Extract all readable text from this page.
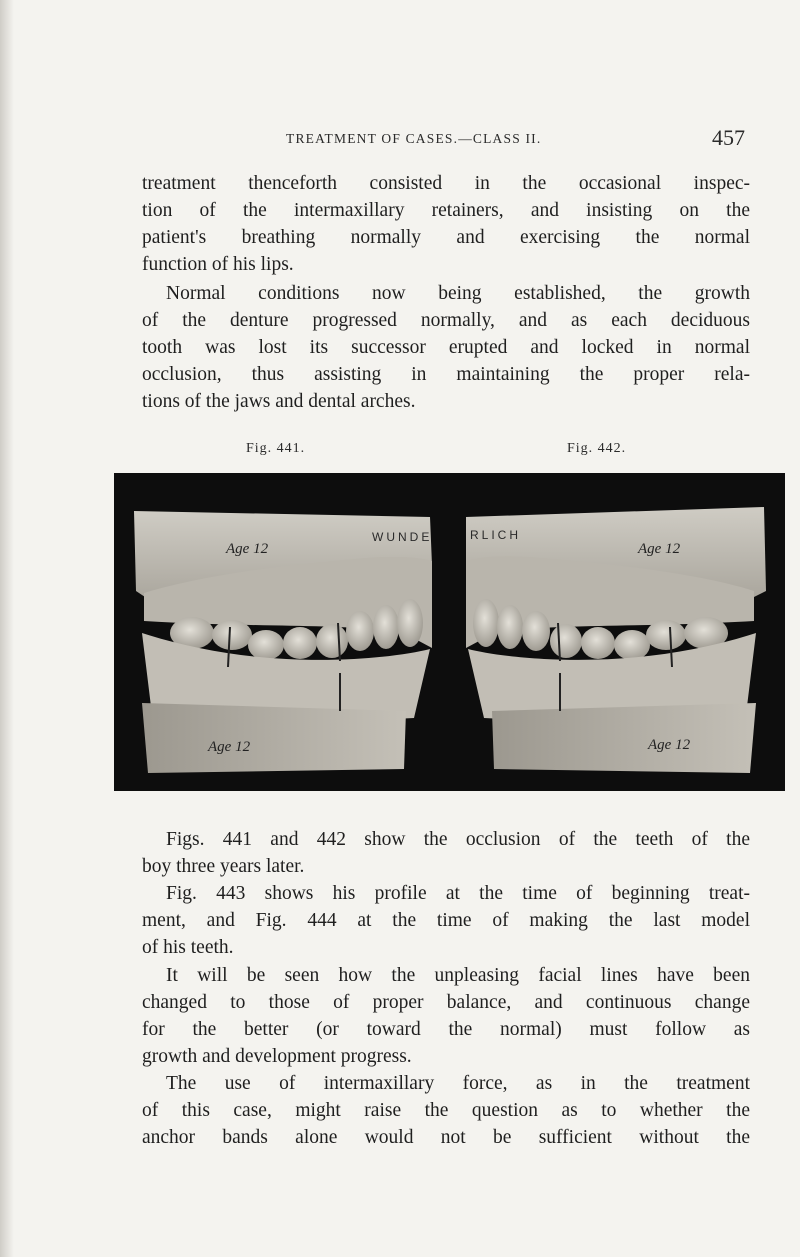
TREATMENT OF CASES.—CLASS II.	457
treatment thenceforth consisted in the occasional inspec-
tion of the intermaxillary retainers, and insisting on the
patient's breathing normally and exercising the normal
function of his lips.
Normal conditions now being established, the growth
of the denture progressed normally, and as each deciduous
tooth was lost its successor erupted and locked in normal
occlusion, thus assisting in maintaining the proper rela-
tions of the jaws and dental arches.
Fig. 441.	Fig. 442.
Age 12
Age 12
WUNDE
Age 12
Age 12
RLICH
Figs. 441 and 442 show the occlusion of the teeth of the
boy three years later.
Fig. 443 shows his profile at the time of beginning treat-
ment, and Fig. 444 at the time of making the last model
of his teeth.
It will be seen how the unpleasing facial lines have been
changed to those of proper balance, and continuous change
for the better (or toward the normal) must follow as
growth and development progress.
The use of intermaxillary force, as in the treatment
of this case, might raise the question as to whether the
anchor bands alone would not be sufficient without the
